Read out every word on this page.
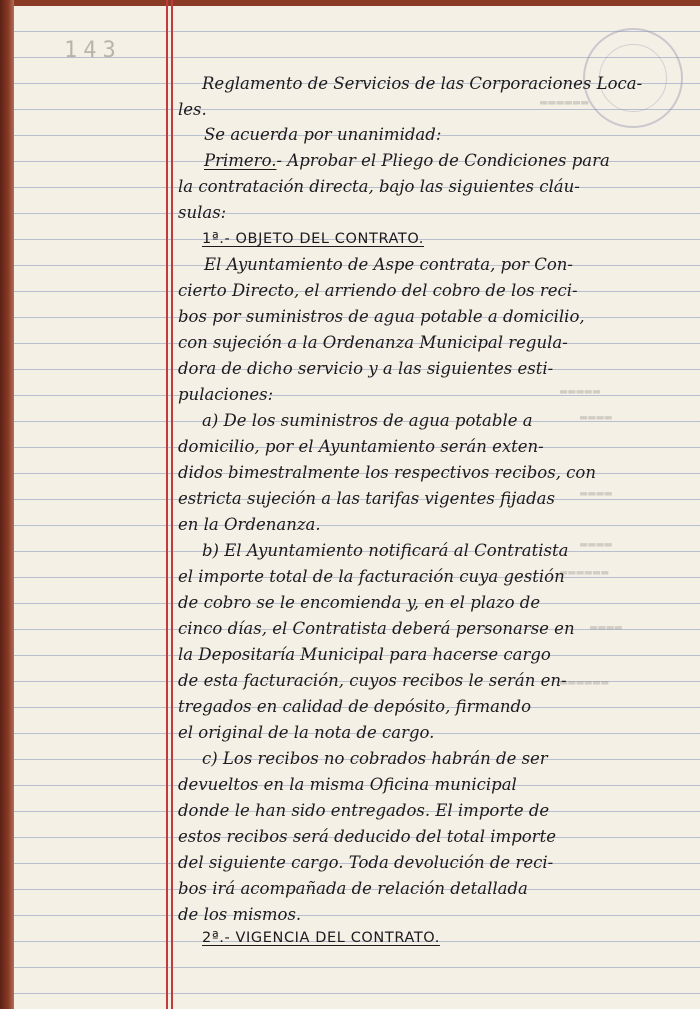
143
▬▬▬▬▬▬
▬▬▬▬▬
▬▬▬▬
▬▬▬▬
▬▬▬▬
▬▬▬▬▬▬
▬▬▬▬
▬▬▬▬▬▬
Reglamento de Servicios de las Corporaciones Loca-
les.
Se acuerda por unanimidad:
Primero.- Aprobar el Pliego de Condiciones para
la contratación directa, bajo las siguientes cláu-
sulas:
1ª.- OBJETO DEL CONTRATO.
El Ayuntamiento de Aspe contrata, por Con-
cierto Directo, el arriendo del cobro de los reci-
bos por suministros de agua potable a domicilio,
con sujeción a la Ordenanza Municipal regula-
dora de dicho servicio y a las siguientes esti-
pulaciones:
a) De los suministros de agua potable a
domicilio, por el Ayuntamiento serán exten-
didos bimestralmente los respectivos recibos, con
estricta sujeción a las tarifas vigentes fijadas
en la Ordenanza.
b) El Ayuntamiento notificará al Contratista
el importe total de la facturación cuya gestión
de cobro se le encomienda y, en el plazo de
cinco días, el Contratista deberá personarse en
la Depositaría Municipal para hacerse cargo
de esta facturación, cuyos recibos le serán en-
tregados en calidad de depósito, firmando
el original de la nota de cargo.
c) Los recibos no cobrados habrán de ser
devueltos en la misma Oficina municipal
donde le han sido entregados. El importe de
estos recibos será deducido del total importe
del siguiente cargo. Toda devolución de reci-
bos irá acompañada de relación detallada
de los mismos.
2ª.- VIGENCIA DEL CONTRATO.
